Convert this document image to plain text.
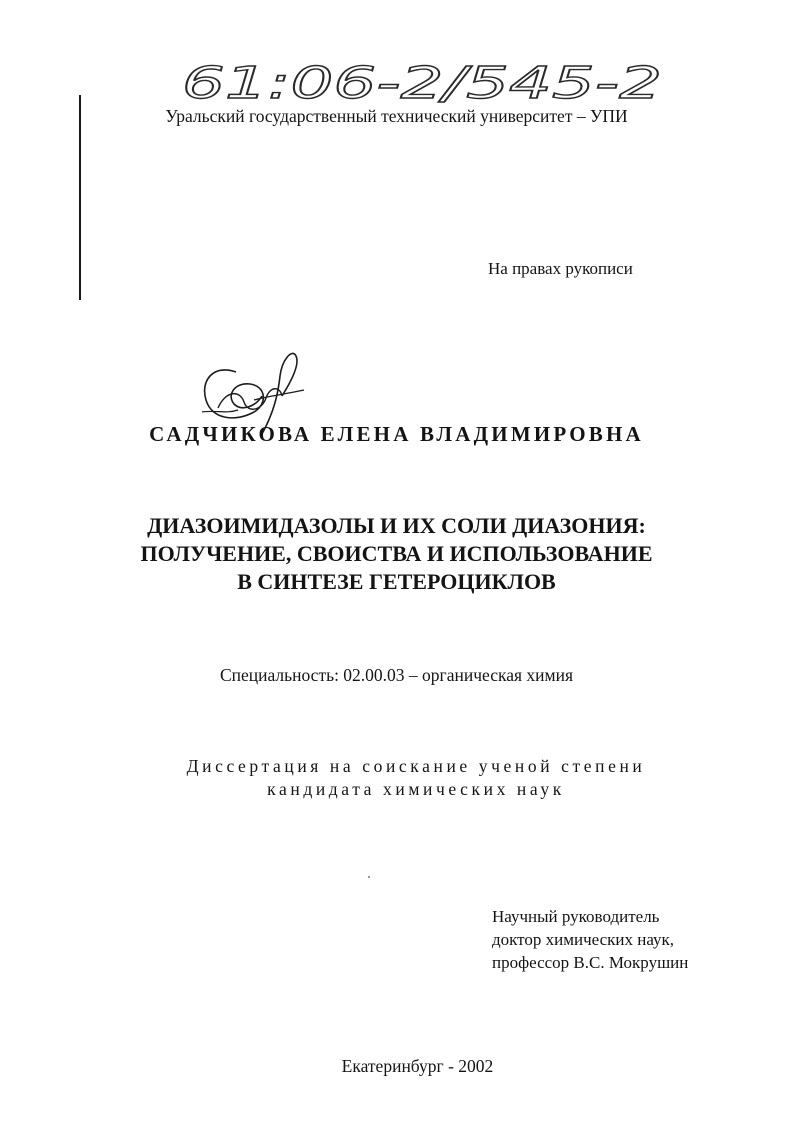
61:06-2/545-2
Уральский государственный технический университет – УПИ
На правах рукописи
САДЧИКОВА ЕЛЕНА ВЛАДИМИРОВНА
ДИАЗОИМИДАЗОЛЫ И ИХ СОЛИ ДИАЗОНИЯ:
ПОЛУЧЕНИЕ, СВОИСТВА И ИСПОЛЬЗОВАНИЕ
В СИНТЕЗЕ ГЕТЕРОЦИКЛОВ
Специальность: 02.00.03 – органическая химия
Диссертация на соискание ученой степени
кандидата химических наук
Научный руководитель
доктор химических наук,
профессор В.С. Мокрушин
Екатеринбург - 2002
